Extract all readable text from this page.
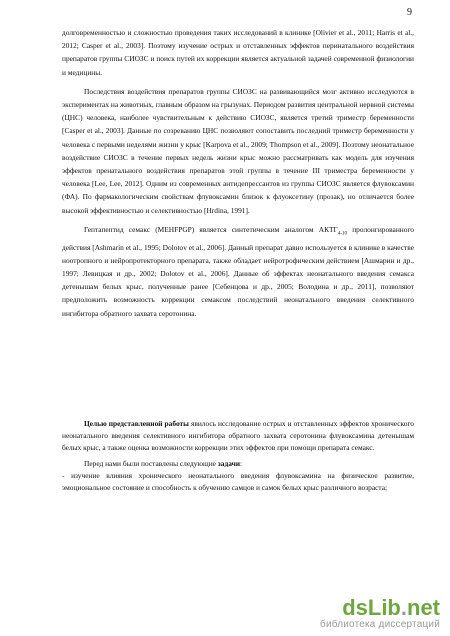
9

долговременностью и сложностью проведения таких исследований в клинике [Olivier et al., 2011; Harris et al., 2012; Casper et al., 2003]. Поэтому изучение острых и отставленных эффектов перинатального воздействия препаратов группы СИОЗС и поиск путей их коррекции является актуальной задачей современной физиологии и медицины.

Последствия воздействия препаратов группы СИОЗС на развивающийся мозг активно исследуются в экспериментах на животных, главным образом на грызунах. Периодом развития центральной нервной системы (ЦНС) человека, наиболее чувствительным к действию СИОЗС, является третий триместр беременности [Casper et al., 2003]. Данные по созреванию ЦНС позволяют сопоставить последний триместр беременности у человека с первыми неделями жизни у крыс [Karpova et al., 2009; Thompson et al., 2009]. Поэтому неонатальное воздействие СИОЗС в течение первых недель жизни крыс можно рассматривать как модель для изучения эффектов пренатального воздействия препаратов этой группы в течение III триместра беременности у человека [Lee, Lee, 2012]. Одним из современных антидепрессантов из группы СИОЗС является флувоксамин (ФА). По фармакологическим свойствам флувоксамин близок к флуоксетину (прозак), но отличается более высокой эффективностью и селективностью [Hrdina, 1991].

Гептапептид семакс (MEHFPGP) является синтетическим аналогом $АКТГ_{4-10}$ пролонгированного действия [Ashmarin et al., 1995; Dolotov et al., 2006]. Данный препарат давно используется в клинике в качестве ноотропного и нейропротекторного препарата, также обладает нейротрофическим действием [Ашмарин и др., 1997; Левицкая и др., 2002; Dolotov et al., 2006]. Данные об эффектах неонатального введения семакса детенышам белых крыс, полученные ранее [Себенцова и др., 2005; Володина и др., 2011], позволяют предположить возможность коррекции семаксом последствий неонатального введения селективного ингибитора обратного захвата серотонина.

Целью представленной работы явилось исследование острых и отставленных эффектов хронического неонатального введения селективного ингибитора обратного захвата серотонина флувоксамина детенышам белых крыс, а также оценка возможности коррекции этих эффектов при помощи препарата семакс.

Перед нами были поставлены следующие задачи:

- изучение влияния хронического неонатального введения флувоксамина на физическое развитие, эмоциональное состояние и способность к обучению самцов и самок белых крыс различного возраста;

dsLib.net
библиотека диссертаций
